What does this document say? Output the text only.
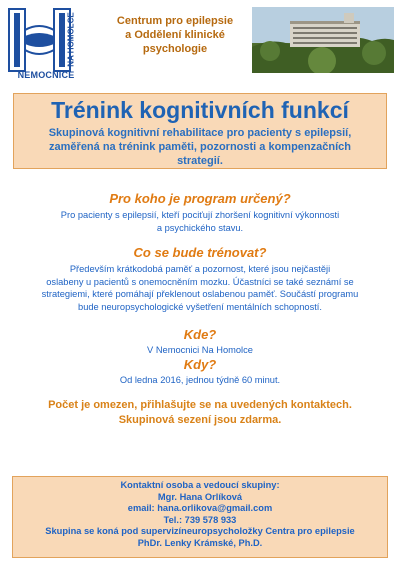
NA HOMOLCE
NEMOCNICE
Centrum pro epilepsie
a Oddělení klinické
psychologie
Trénink kognitivních funkcí
Skupinová kognitivní rehabilitace pro pacienty s epilepsií,
zaměřená na trénink paměti, pozornosti a kompenzačních
strategií.
Pro koho je program určený?
Pro pacienty s epilepsií, kteří pociťují zhoršení kognitivní výkonnosti
a psychického stavu.
Co se bude trénovat?
Především krátkodobá paměť a pozornost, které jsou nejčastěji
oslabeny u pacientů s onemocněním mozku. Účastníci se také seznámí se
strategiemi, které pomáhají překlenout oslabenou paměť. Součástí programu
bude neuropsychologické vyšetření mentálních schopností.
Kde?
V Nemocnici Na Homolce
Kdy?
Od ledna 2016, jednou týdně 60 minut.
Počet je omezen, přihlašujte se na uvedených kontaktech.
Skupinová sezení jsou zdarma.
Kontaktní osoba a vedoucí skupiny:
Mgr. Hana Orlíková
email: hana.orlikova@gmail.com
Tel.: 739 578 933
Skupina se koná pod supervizíneuropsycholožky Centra pro epilepsie
PhDr. Lenky Krámské, Ph.D.
